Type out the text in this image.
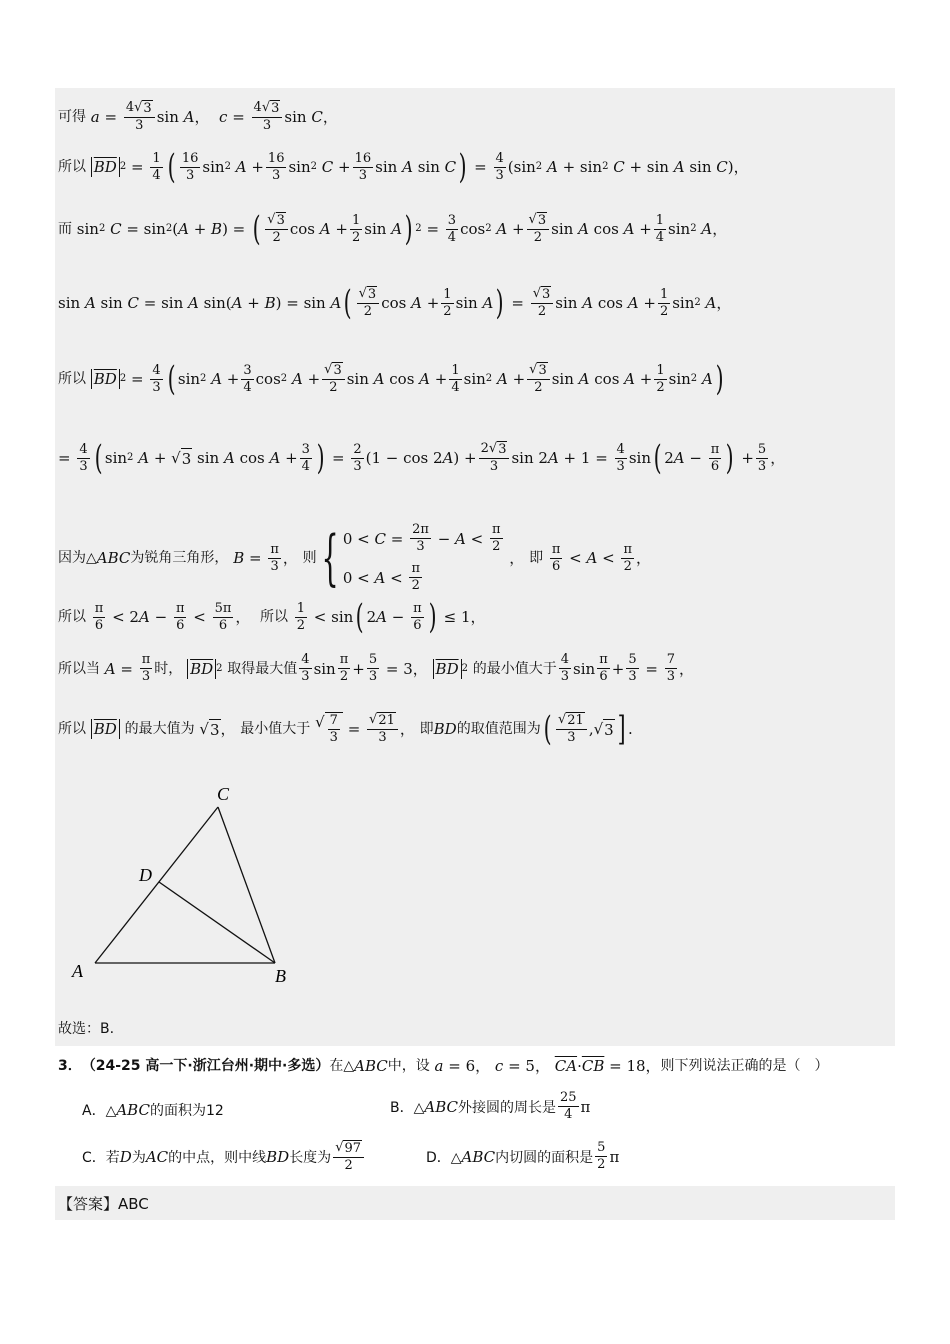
可得
$a = \frac{4√ 3}{3}$ sin A ， $c = \frac{4√ 3}{3}$ sin C ，
所以
$\overline{BD}$ $2 = \frac{1}{4}$ ( $\frac{16}{3}$ sin 2
$A + \frac{16}{3}$ sin 2
$C + \frac{16}{3}$ sin A sin C ) = $\frac{4}{3} (\sin$ 2
A + sin 2
C + sin A sin C )，
而 sin 2
C = sin 2 ( A + B ) = ( $\frac{√ 3}{2}$ $\cos A + \frac{1}{2}$ sin A ) $2 = \frac{3}{4}$ cos 2
$A + \frac{√ 3}{2}$ sin A $\cos A + \frac{1}{4}$ sin 2
A ，
sin A sin C = sin A sin( A + B ) = sin A ( $\frac{√ 3}{2}$ $\cos A + \frac{1}{2}$ sin A ) = $\frac{√ 3}{2}$ sin A $\cos A + \frac{1}{2}$ sin 2
A ，
所以
$\overline{BD}$ $2 = \frac{4}{3}$ ( sin 2
$A + \frac{3}{4}$ cos 2
$A + \frac{√ 3}{2}$ sin A $\cos A + \frac{1}{4}$ sin 2
$A + \frac{√ 3}{2}$ sin A $\cos A + \frac{1}{2}$ sin 2
A )
= $\frac{4}{3}$ ( sin 2
A + √ 3 sin A $\cos A + \frac{3}{4}$ ) = $\frac{2}{3} (1 - \cos 2$ A ) + $\frac{2√ 3}{3}$ sin 2 $A + 1 = \frac{4}{3}$ sin ( 2 $A - \frac{\pi}{6}$ ) + $\frac{5}{3}$ ，
因为△ ABC 为锐角三角形，
$B = \frac{\pi}{3}$ ， 则 { $0 < C = \frac{2\pi}{3} - A < \frac{\pi}{2}$
$0 < A < \frac{\pi}{2}$
， 即
$\frac{\pi}{6} < A < \frac{\pi}{2}$ ，
所以
$\frac{\pi}{6} < 2$ $A - \frac{\pi}{6} < \frac{5\pi}{6}$ ， 所以
$\frac{1}{2} < \sin$ ( 2 $A - \frac{\pi}{6}$ ) ≤ 1，
所以当
$A = \frac{\pi}{3}$ 时，
$\overline{BD}$ 2
取得最大值 $\frac{4}{3}$ $\sin \frac{\pi}{2} + \frac{5}{3} = 3$， $\overline{BD}$ 2
的最小值大于 $\frac{4}{3}$ $\sin \frac{\pi}{6} + \frac{5}{3} = \frac{7}{3}$ ，
所以
$\overline{BD}$
的最大值为
√ 3 ， 最小值大于
√ $\frac{7}{3} = \frac{√ 21}{3}$ ， 即 BD 的取值范围为 ( $\frac{√ 21}{3}$ , √ 3 ] .
C
D
A	B
故选：B.
3． （24-25 高一下·浙江台州·期中·多选） 在△ ABC 中，设
a = 6， c = 5， $\overline{CA} \cdot \overline{CB} = 18$， 则下列说法正确的是（　）
A．△ ABC 的面积为12	B．△ ABC 外接圆的周长是 $\frac{25}{4}$ π
C．若 D 为 AC 的中点，则中线 BD 长度为 $\frac{√ 97}{2}$	D．△ ABC 内切圆的面积是 $\frac{5}{2}$ π
【答案】ABC
